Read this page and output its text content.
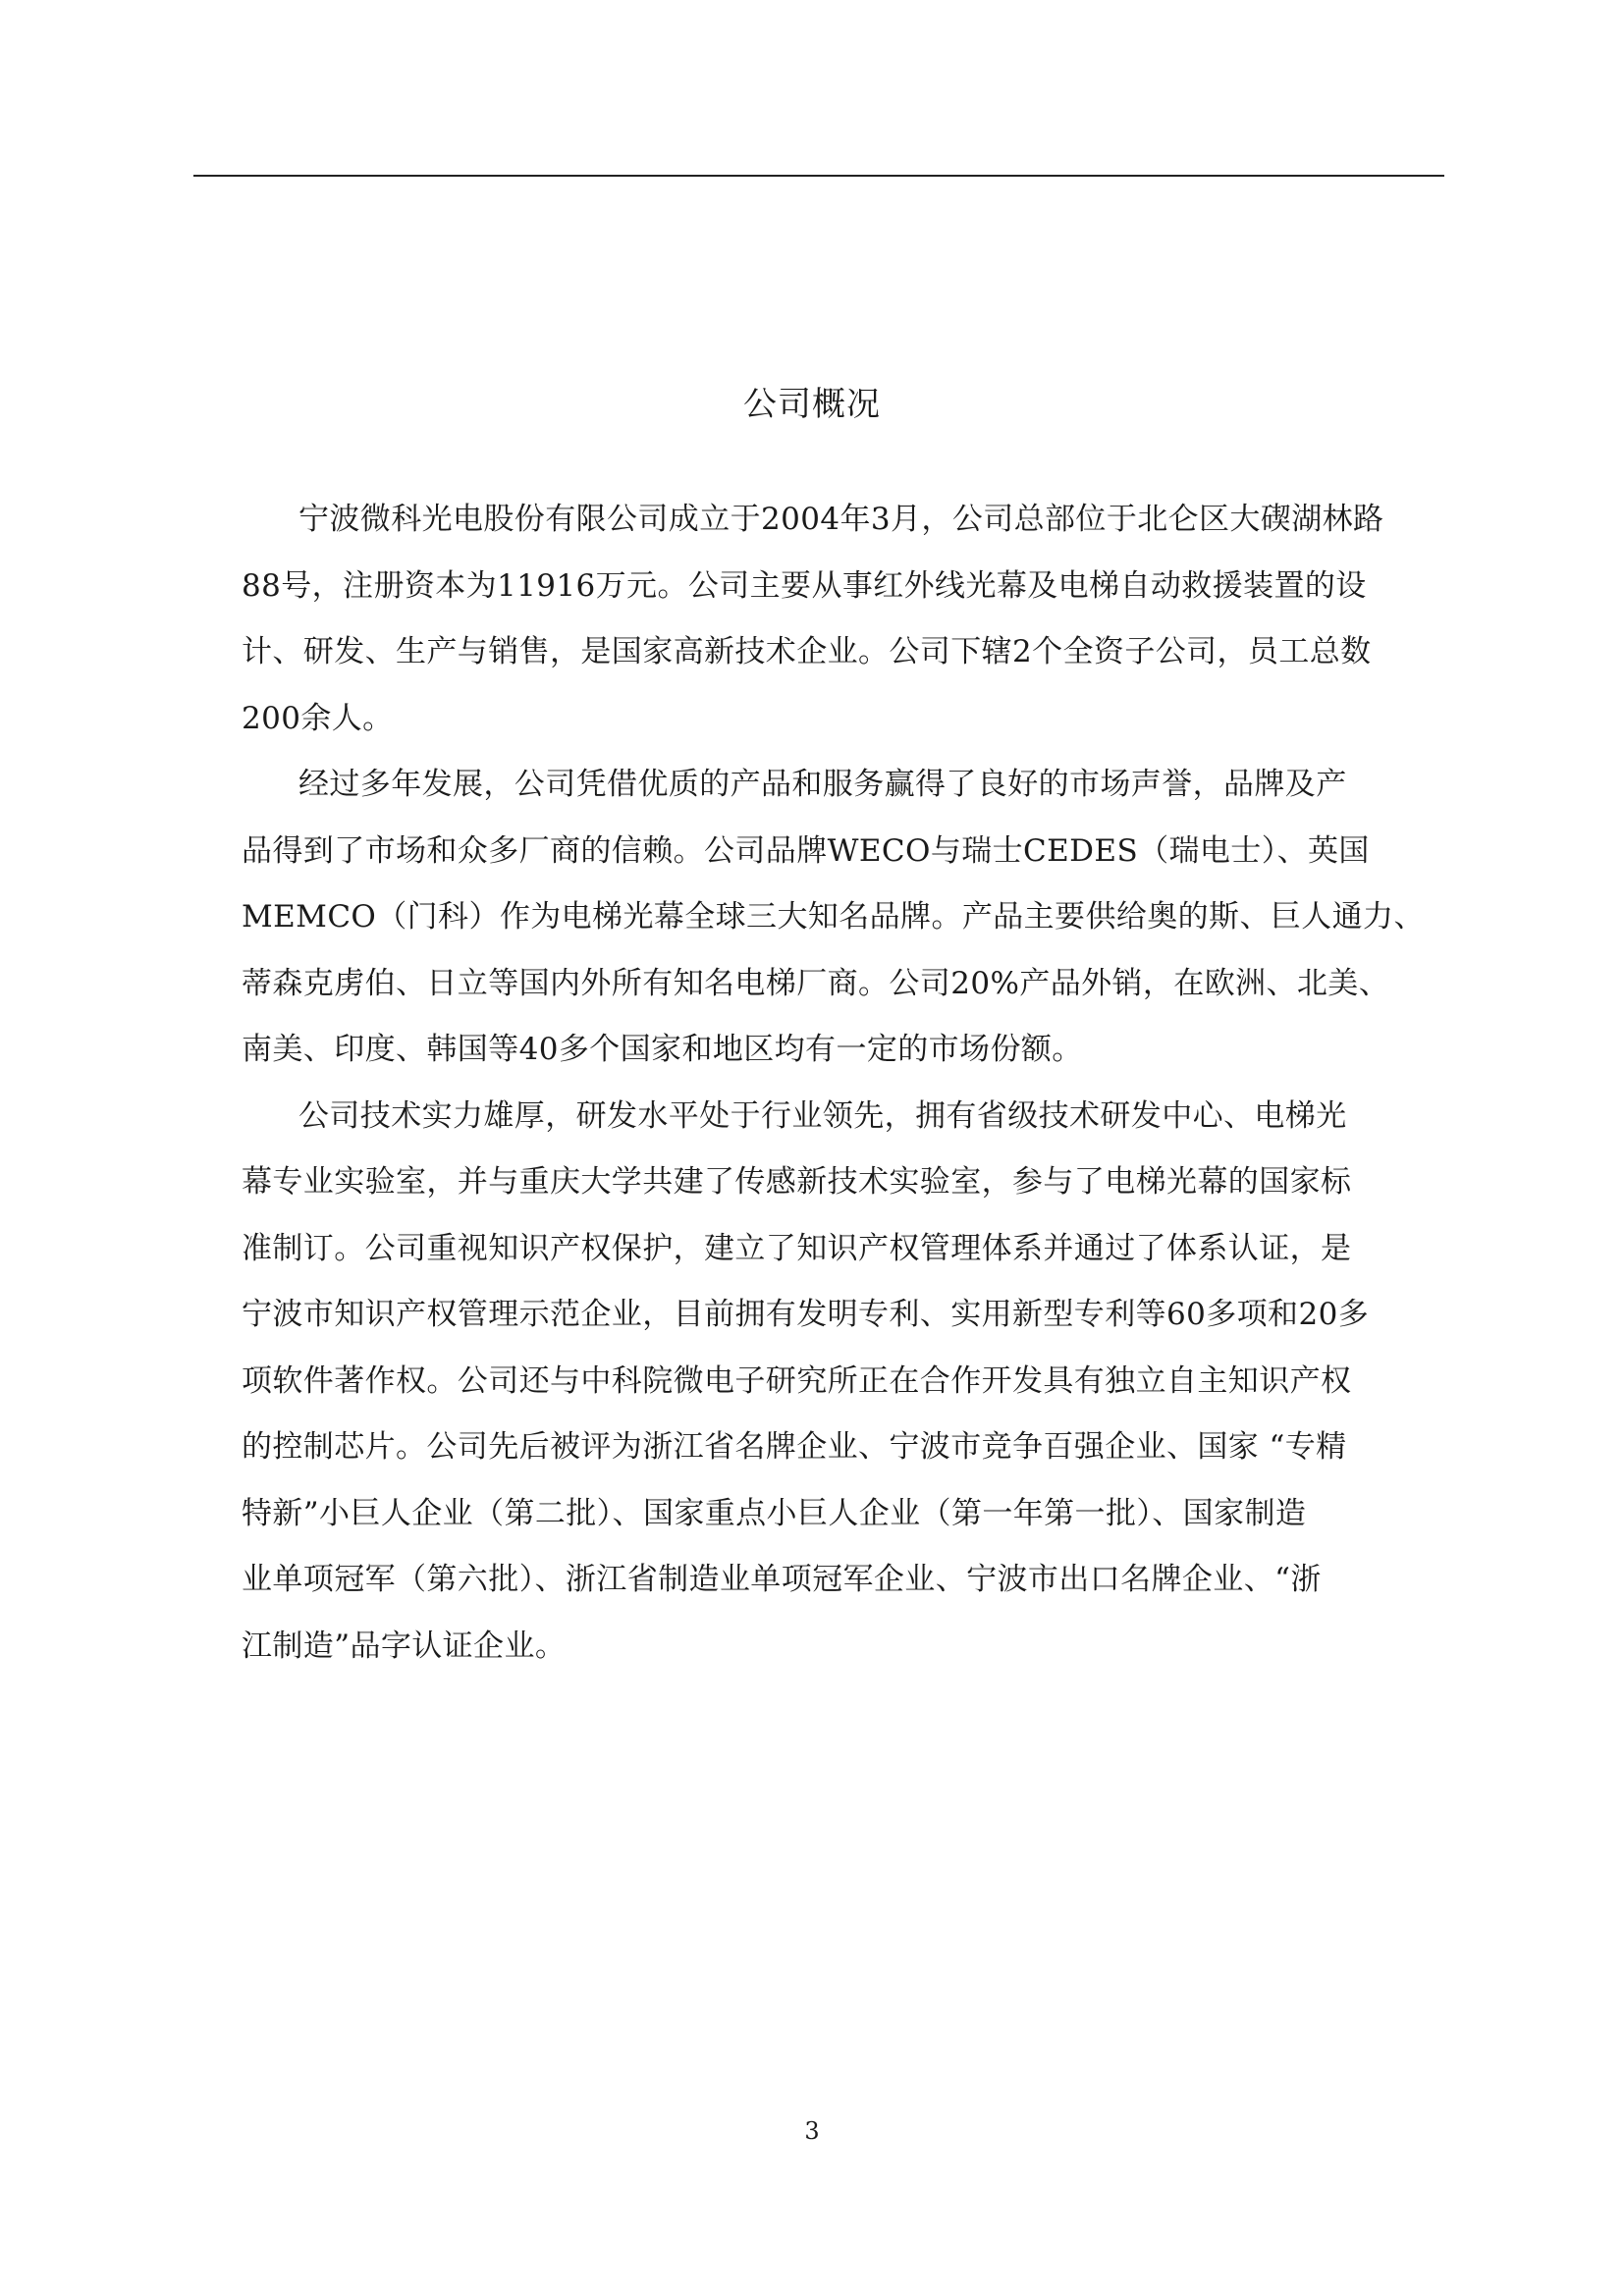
公司概况
宁波微科光电股份有限公司成立于2004年3月，公司总部位于北仑区大碶湖林路
88号，注册资本为11916万元。公司主要从事红外线光幕及电梯自动救援装置的设
计、研发、生产与销售，是国家高新技术企业。公司下辖2个全资子公司，员工总数
200余人。
经过多年发展，公司凭借优质的产品和服务赢得了良好的市场声誉，品牌及产
品得到了市场和众多厂商的信赖。公司品牌WECO与瑞士CEDES（瑞电士）、英国
MEMCO（门科）作为电梯光幕全球三大知名品牌。产品主要供给奥的斯、巨人通力、
蒂森克虏伯、日立等国内外所有知名电梯厂商。公司20%产品外销，在欧洲、北美、
南美、印度、韩国等40多个国家和地区均有一定的市场份额。
公司技术实力雄厚，研发水平处于行业领先，拥有省级技术研发中心、电梯光
幕专业实验室，并与重庆大学共建了传感新技术实验室，参与了电梯光幕的国家标
准制订。公司重视知识产权保护，建立了知识产权管理体系并通过了体系认证，是
宁波市知识产权管理示范企业，目前拥有发明专利、实用新型专利等60多项和20多
项软件著作权。公司还与中科院微电子研究所正在合作开发具有独立自主知识产权
的控制芯片。公司先后被评为浙江省名牌企业、宁波市竞争百强企业、国家 “专精
特新”小巨人企业（第二批）、国家重点小巨人企业（第一年第一批）、国家制造
业单项冠军（第六批）、浙江省制造业单项冠军企业、宁波市出口名牌企业、“浙
江制造”品字认证企业。
3
